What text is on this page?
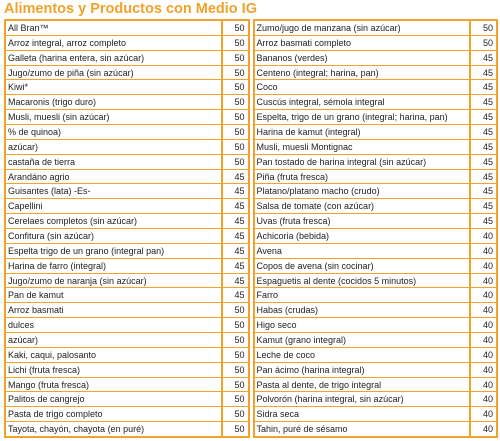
Alimentos y Productos con Medio IG
All Bran™	50
Arroz integral, arroz completo	50
Galleta (harina entera, sin azúcar)	50
Jugo/zumo de piña (sin azúcar)	50
Kiwi*	50
Macaronis (trigo duro)	50
Musli, muesli (sin azúcar)	50
% de quinoa)	50
azúcar)	50
castaña de tierra	50
Arandáno agrio	45
Guisantes (lata) -Es-	45
Capellini	45
Cerelaes completos (sin azúcar)	45
Confitura (sin azúcar)	45
Espelta trigo de un grano (integral pan)	45
Harina de farro (integral)	45
Jugo/zumo de naranja (sin azúcar)	45
Pan de kamut	45
Arroz basmati	50
dulces	50
azúcar)	50
Kaki, caqui, palosanto	50
Lichi (fruta fresca)	50
Mango (fruta fresca)	50
Palitos de cangrejo	50
Pasta de trigo completo	50
Tayota, chayón, chayota (en puré)	50
Zumo/jugo de manzana (sin azúcar)	50
Arroz basmati completo	50
Bananos (verdes)	45
Centeno (integral; harina, pan)	45
Coco	45
Cuscús integral, sémola integral	45
Espelta, trigo de un grano (integral; harina, pan)	45
Harina de kamut (integral)	45
Musli, muesli Montignac	45
Pan tostado de harina integral (sin azúcar)	45
Piña (fruta fresca)	45
Platano/platano macho (crudo)	45
Salsa de tomate (con azúcar)	45
Uvas (fruta fresca)	45
Achicoria (bebida)	40
Avena	40
Copos de avena (sin cocinar)	40
Espaguetis al dente (cocidos 5 minutos)	40
Farro	40
Habas (crudas)	40
Higo seco	40
Kamut (grano integral)	40
Leche de coco	40
Pan ácimo (harina integral)	40
Pasta al dente, de trigo integral	40
Polvorón (harina integral, sin azúcar)	40
Sidra seca	40
Tahin, puré de sésamo	40
